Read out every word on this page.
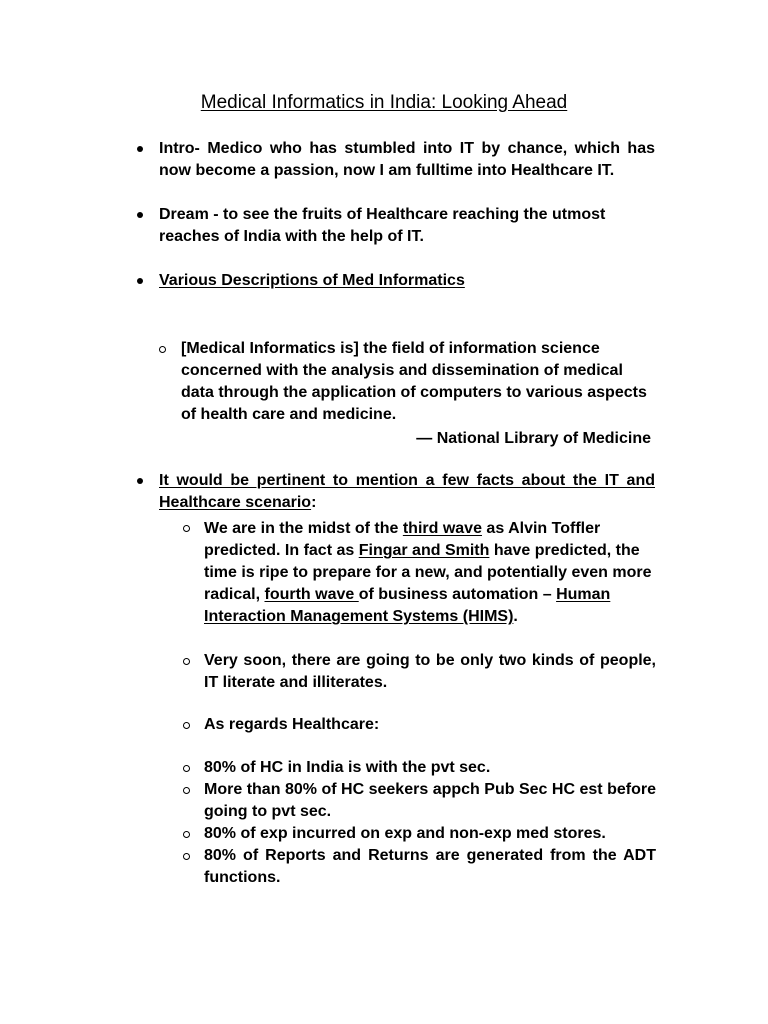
Medical Informatics in India: Looking Ahead
Intro- Medico who has stumbled into IT by chance, which has now become a passion, now I am fulltime into Healthcare IT.
Dream - to see the fruits of Healthcare reaching the utmost reaches of India with the help of IT.
Various Descriptions of Med Informatics
[Medical Informatics is] the field of information science concerned with the analysis and dissemination of medical data through the application of computers to various aspects of health care and medicine.
— National Library of Medicine
It would be pertinent to mention a few facts about the IT and Healthcare scenario:
We are in the midst of the third wave as Alvin Toffler predicted. In fact as Fingar and Smith have predicted, the time is ripe to prepare for a new, and potentially even more radical, fourth wave of business automation – Human Interaction Management Systems (HIMS).
Very soon, there are going to be only two kinds of people, IT literate and illiterates.
As regards Healthcare:
80% of HC in India is with the pvt sec.
More than 80% of HC seekers appch Pub Sec HC est before going to pvt sec.
80% of exp incurred on exp and non-exp med stores.
80% of Reports and Returns are generated from the ADT functions.
